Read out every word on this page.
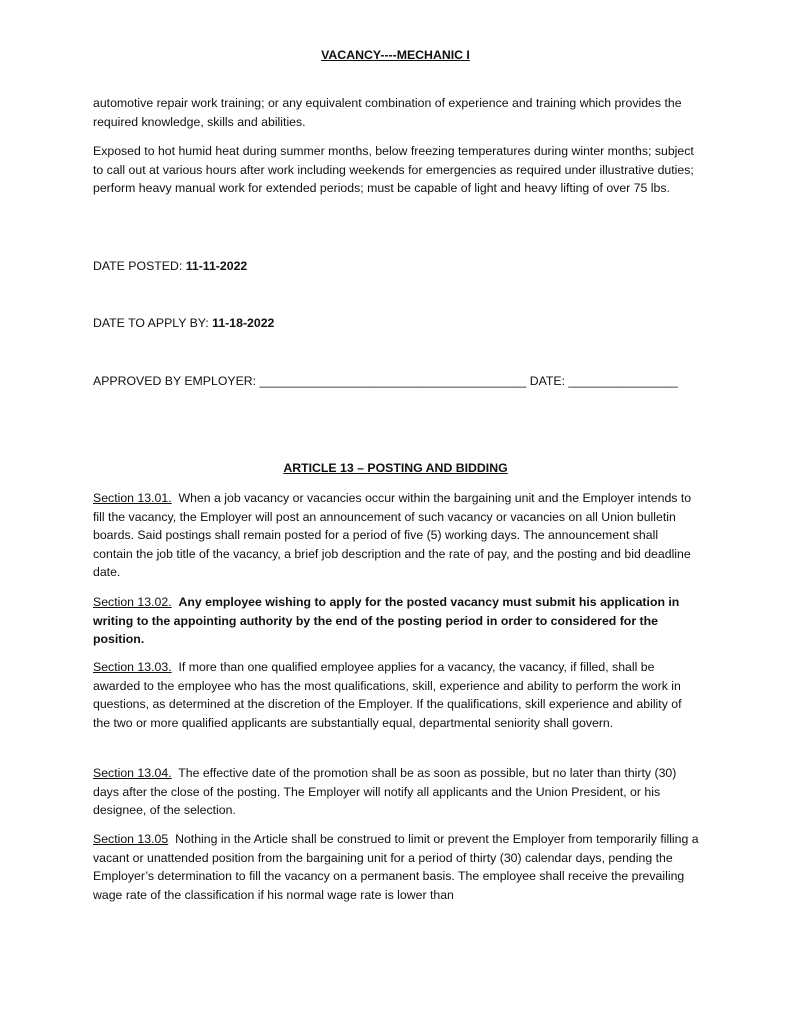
VACANCY----MECHANIC I

automotive repair work training; or any equivalent combination of experience and training which provides the required knowledge, skills and abilities.

Exposed to hot humid heat during summer months, below freezing temperatures during winter months; subject to call out at various hours after work including weekends for emergencies as required under illustrative duties; perform heavy manual work for extended periods; must be capable of light and heavy lifting of over 75 lbs.

DATE POSTED: 11-11-2022

DATE TO APPLY BY: 11-18-2022

APPROVED BY EMPLOYER: _______________________________________ DATE: ________________

ARTICLE 13 – POSTING AND BIDDING

Section 13.01. When a job vacancy or vacancies occur within the bargaining unit and the Employer intends to fill the vacancy, the Employer will post an announcement of such vacancy or vacancies on all Union bulletin boards. Said postings shall remain posted for a period of five (5) working days. The announcement shall contain the job title of the vacancy, a brief job description and the rate of pay, and the posting and bid deadline date.

Section 13.02. Any employee wishing to apply for the posted vacancy must submit his application in writing to the appointing authority by the end of the posting period in order to considered for the position.

Section 13.03. If more than one qualified employee applies for a vacancy, the vacancy, if filled, shall be awarded to the employee who has the most qualifications, skill, experience and ability to perform the work in questions, as determined at the discretion of the Employer. If the qualifications, skill experience and ability of the two or more qualified applicants are substantially equal, departmental seniority shall govern.

Section 13.04. The effective date of the promotion shall be as soon as possible, but no later than thirty (30) days after the close of the posting. The Employer will notify all applicants and the Union President, or his designee, of the selection.

Section 13.05 Nothing in the Article shall be construed to limit or prevent the Employer from temporarily filling a vacant or unattended position from the bargaining unit for a period of thirty (30) calendar days, pending the Employer’s determination to fill the vacancy on a permanent basis. The employee shall receive the prevailing wage rate of the classification if his normal wage rate is lower than
